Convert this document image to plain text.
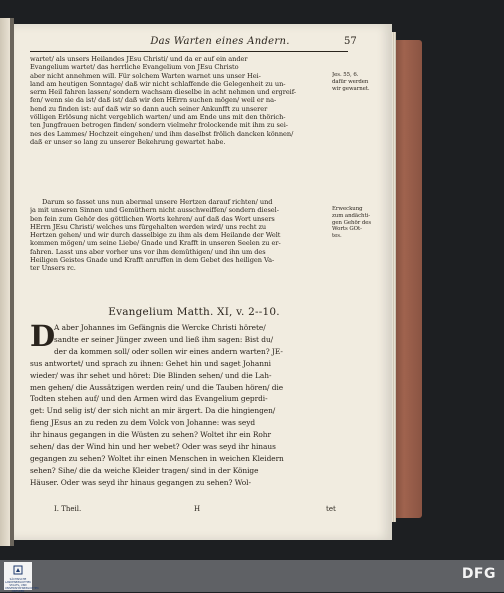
Das Warten eines Andern.	57
wartet/ als unsers Heilandes JEsu Christi/ und da er auf ein ander
Evangelium wartet/ das herrliche Evangelium von JEsu Christo
aber nicht annehmen will. Für solchem Warten warnet uns unser Hei-
land am heutigen Sonntage/ daß wir nicht schlaffende die Gelegenheit zu un-
serm Heil fahren lassen/ sondern wachsam dieselbe in acht nehmen und ergreif-
fen/ wenn sie da ist/ daß ist/ daß wir den HErrn suchen mögen/ weil er na-
hend zu finden ist: auf daß wir so dann auch seiner Ankunfft zu unserer
völligen Erlösung nicht vergeblich warten/ und am Ende uns mit den thörich-
ten Jungfrauen betrogen finden/ sondern vielmehr frolockende mit ihm zu sei-
nes des Lammes/ Hochzeit eingehen/ und ihm daselbst frölich dancken können/
daß er unser so lang zu unserer Bekehrung gewartet habe.
Jes. 55, 6.
dafür werden
wir gewarnet.
Darum so fasset uns nun abermal unsere Hertzen darauf richten/ und
ja mit unseren Sinnen und Gemüthern nicht ausschweiffen/ sondern diesel-
ben fein zum Gehör des göttlichen Worts kehren/ auf daß das Wort unsers
HErrn JEsu Christi/ welches uns fürgehalten werden wird/ uns recht zu
Hertzen gehen/ und wir durch dasselbige zu ihm als dem Heilande der Welt
kommen mögen/ um seine Liebe/ Gnade und Krafft in unseren Seelen zu er-
fahren. Lasst uns aber vorher uns vor ihm demüthigen/ und ihn um des
Heiligen Geistes Gnade und Krafft anruffen in dem Gebet des heiligen Va-
ter Unsers rc.
Erweckung
zum andächti-
gen Gehör des
Worts GOt-
tes.
Evangelium Matth. XI, v. 2--10.
D
A aber Johannes im Gefängnis die Wercke Christi hörete/
sandte er seiner Jünger zween und ließ ihm sagen: Bist du/
der da kommen soll/ oder sollen wir eines andern warten? JE-
sus antwortet/ und sprach zu ihnen: Gehet hin und saget Johanni
wieder/ was ihr sehet und höret: Die Blinden sehen/ und die Lah-
men gehen/ die Aussätzigen werden rein/ und die Tauben hören/ die
Todten stehen auf/ und den Armen wird das Evangelium geprdi-
get: Und selig ist/ der sich nicht an mir ärgert. Da die hingiengen/
fieng JEsus an zu reden zu dem Volck von Johanne: was seyd
ihr hinaus gegangen in die Wüsten zu sehen? Woltet ihr ein Rohr
sehen/ das der Wind hin und her webet? Oder was seyd ihr hinaus
gegangen zu sehen? Woltet ihr einen Menschen in weichen Kleidern
sehen? Sihe/ die da weiche Kleider tragen/ sind in der Könige
Häuser. Oder was seyd ihr hinaus gegangen zu sehen? Wol-
I. Theil.	H	tet
SÄCHSISCHE LANDESBIBLIOTHEK STAATS- UND UNIVERSITÄTSBIBLIOTHEK DRESDEN
DFG
